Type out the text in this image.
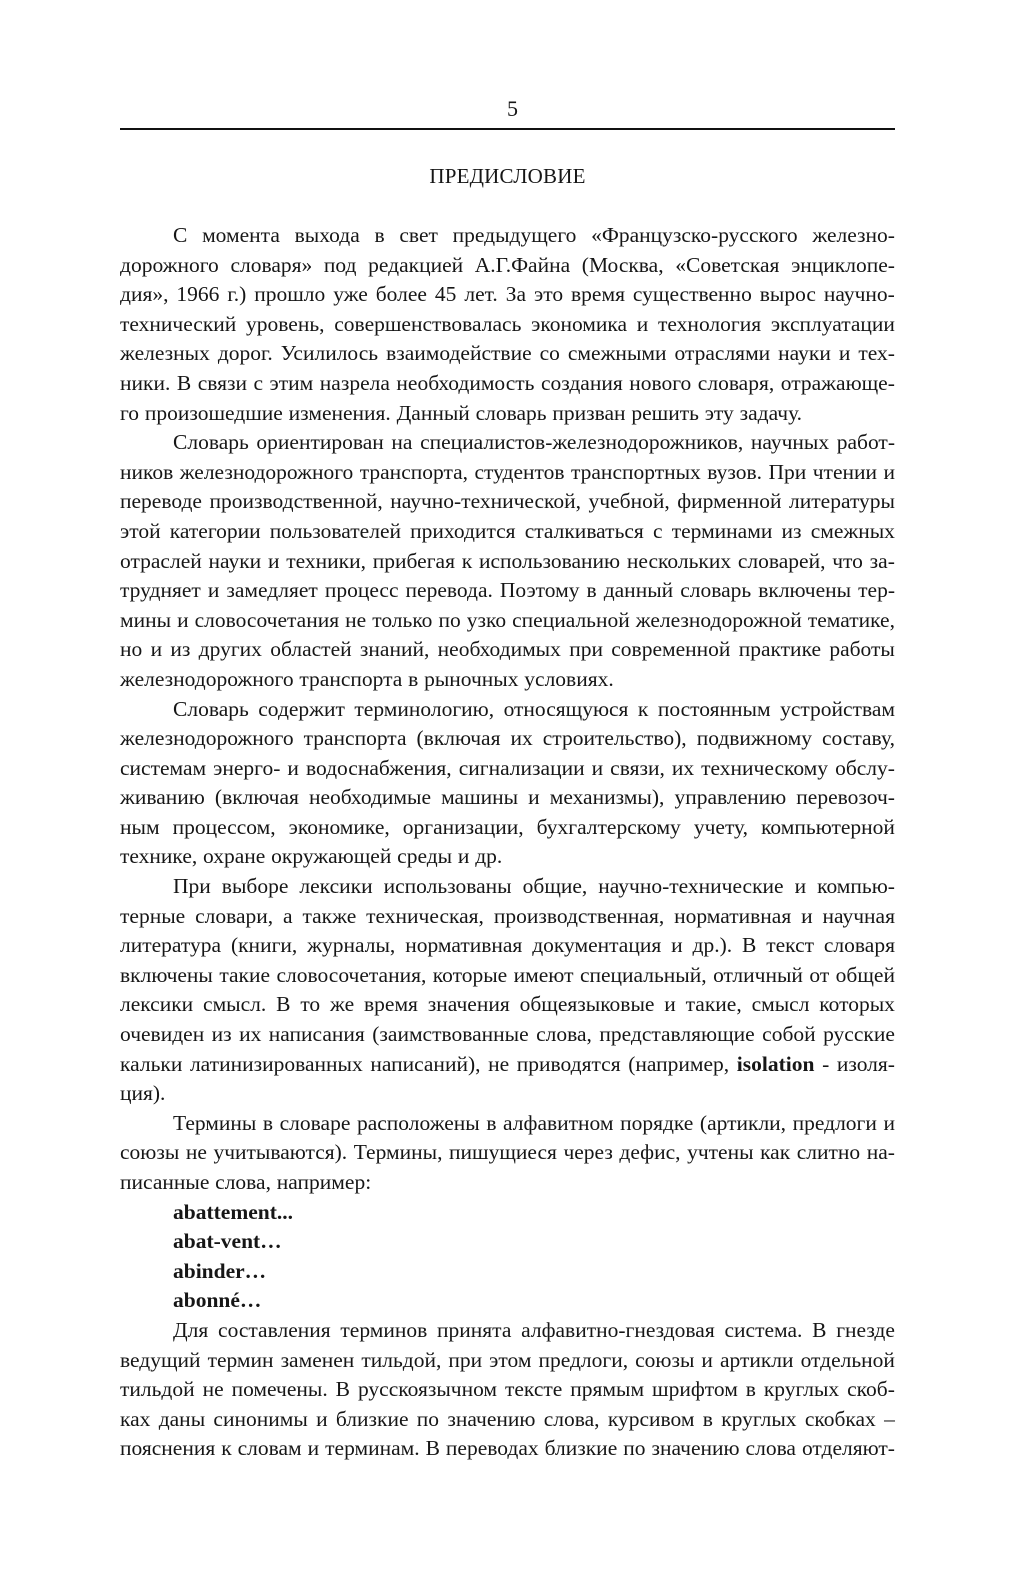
5
ПРЕДИСЛОВИЕ
С момента выхода в свет предыдущего «Французско-русского железно-
дорожного словаря» под редакцией А.Г.Файна (Москва, «Советская энциклопе-
дия», 1966 г.) прошло уже более 45 лет. За это время существенно вырос научно-
технический уровень, совершенствовалась экономика и технология эксплуатации
железных дорог. Усилилось взаимодействие со смежными отраслями науки и тех-
ники. В связи с этим назрела необходимость создания нового словаря, отражающе-
го произошедшие изменения. Данный словарь призван решить эту задачу.
Словарь ориентирован на специалистов-железнодорожников, научных работ-
ников железнодорожного транспорта, студентов транспортных вузов. При чтении и
переводе производственной, научно-технической, учебной, фирменной литературы
этой категории пользователей приходится сталкиваться с терминами из смежных
отраслей науки и техники, прибегая к использованию нескольких словарей, что за-
трудняет и замедляет процесс перевода. Поэтому в данный словарь включены тер-
мины и словосочетания не только по узко специальной железнодорожной тематике,
но и из других областей знаний, необходимых при современной практике работы
железнодорожного транспорта в рыночных условиях.
Словарь содержит терминологию, относящуюся к постоянным устройствам
железнодорожного транспорта (включая их строительство), подвижному составу,
системам энерго- и водоснабжения, сигнализации и связи, их техническому обслу-
живанию (включая необходимые машины и механизмы), управлению перевозоч-
ным процессом, экономике, организации, бухгалтерскому учету, компьютерной
технике, охране окружающей среды и др.
При выборе лексики использованы общие, научно-технические и компью-
терные словари, а также техническая, производственная, нормативная и научная
литература (книги, журналы, нормативная документация и др.). В текст словаря
включены такие словосочетания, которые имеют специальный, отличный от общей
лексики смысл. В то же время значения общеязыковые и такие, смысл которых
очевиден из их написания (заимствованные слова, представляющие собой русские
кальки латинизированных написаний), не приводятся (например, isolation - изоля-
ция).
Термины в словаре расположены в алфавитном порядке (артикли, предлоги и
союзы не учитываются). Термины, пишущиеся через дефис, учтены как слитно на-
писанные слова, например:
abattement...
abat-vent…
abinder…
abonné…
Для составления терминов принята алфавитно-гнездовая система. В гнезде
ведущий термин заменен тильдой, при этом предлоги, союзы и артикли отдельной
тильдой не помечены. В русскоязычном тексте прямым шрифтом в круглых скоб-
ках даны синонимы и близкие по значению слова, курсивом в круглых скобках –
пояснения к словам и терминам. В переводах близкие по значению слова отделяют-
